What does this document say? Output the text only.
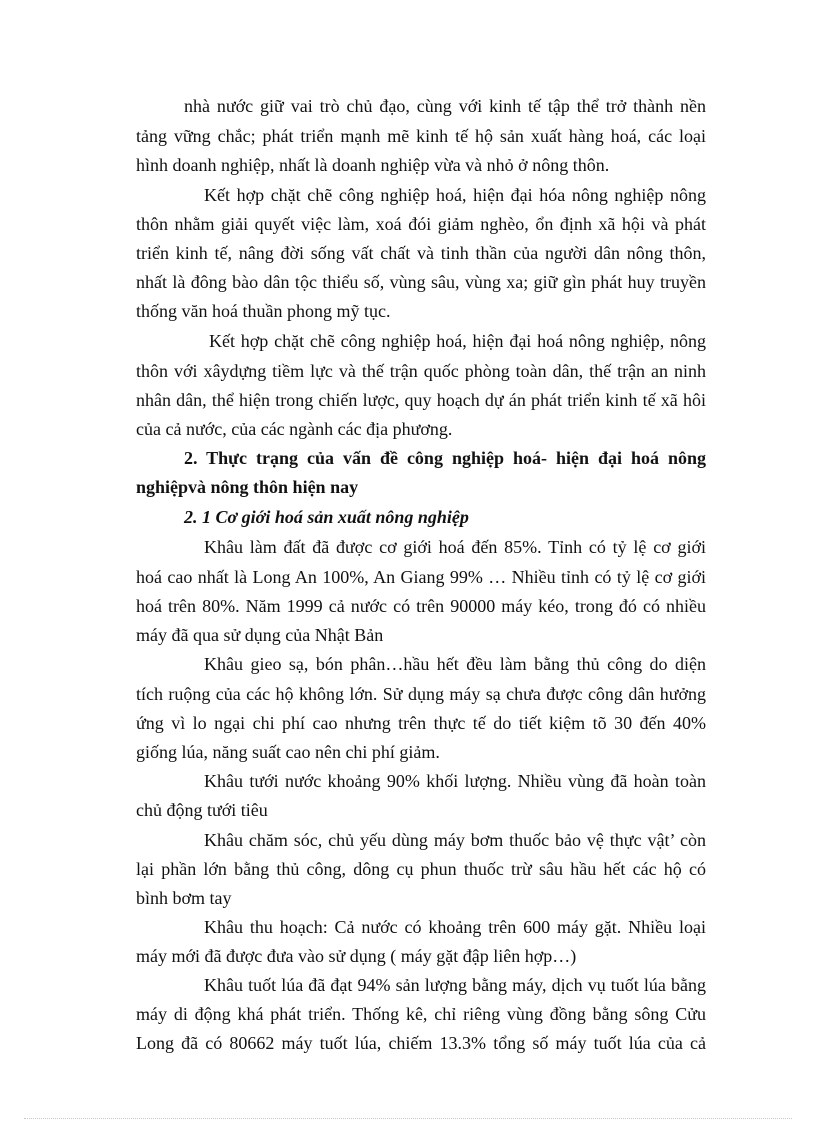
nhà nước giữ vai trò chủ đạo, cùng với kinh tế tập thể trở thành nền
tảng vững chắc; phát triển mạnh mẽ kinh tế hộ sản xuất hàng hoá, các loại
hình doanh nghiệp, nhất là doanh nghiệp vừa và nhỏ ở nông thôn.
Kết hợp chặt chẽ công nghiệp hoá, hiện đại hóa nông nghiệp nông
thôn nhằm giải quyết việc làm, xoá đói giảm nghèo, ổn định xã hội và phát
triển kinh tế, nâng đời sống vất chất và tinh thần của người dân nông thôn,
nhất là đông bào dân tộc thiểu số, vùng sâu, vùng xa; giữ gìn phát huy truyền
thống văn hoá thuần phong mỹ tục.
Kết hợp chặt chẽ công nghiệp hoá, hiện đại hoá nông nghiệp, nông
thôn với xâydựng tiềm lực và thế trận quốc phòng toàn dân, thế trận an ninh
nhân dân, thể hiện trong chiến lược, quy hoạch dự án phát triển kinh tế xã hôi
của cả nước, của các ngành các địa phương.
2. Thực trạng của vấn đề công nghiệp hoá- hiện đại hoá nông
nghiệpvà nông thôn hiện nay
2. 1 Cơ giới hoá sản xuất nông nghiệp
Khâu làm đất đã được cơ giới hoá đến 85%. Tỉnh có tỷ lệ cơ giới
hoá cao nhất là Long An 100%, An Giang 99% … Nhiều tỉnh có tỷ lệ cơ giới
hoá trên 80%. Năm 1999 cả nước có trên 90000 máy kéo, trong đó có nhiều
máy đã qua sử dụng của Nhật Bản
Khâu gieo sạ, bón phân…hầu hết đều làm bằng thủ công do diện
tích ruộng của các hộ không lớn. Sử dụng máy sạ chưa được công dân hưởng
ứng vì lo ngại chi phí cao nhưng trên thực tế do tiết kiệm tõ 30 đến 40%
giống lúa, năng suất cao nên chi phí giảm.
Khâu tưới nước khoảng 90% khối lượng. Nhiều vùng đã hoàn toàn
chủ động tưới tiêu
Khâu chăm sóc, chủ yếu dùng máy bơm thuốc bảo vệ thực vật’ còn
lại phần lớn bằng thủ công, dông cụ phun thuốc trừ sâu hầu hết các hộ có
bình bơm tay
Khâu thu hoạch: Cả nước có khoảng trên 600 máy gặt. Nhiều loại
máy mới đã được đưa vào sử dụng ( máy gặt đập liên hợp…)
Khâu tuốt lúa đã đạt 94% sản lượng bằng máy, dịch vụ tuốt lúa bằng
máy di động khá phát triển. Thống kê, chỉ riêng vùng đồng bằng sông Cửu
Long đã có 80662 máy tuốt lúa, chiếm 13.3% tổng số máy tuốt lúa của cả
